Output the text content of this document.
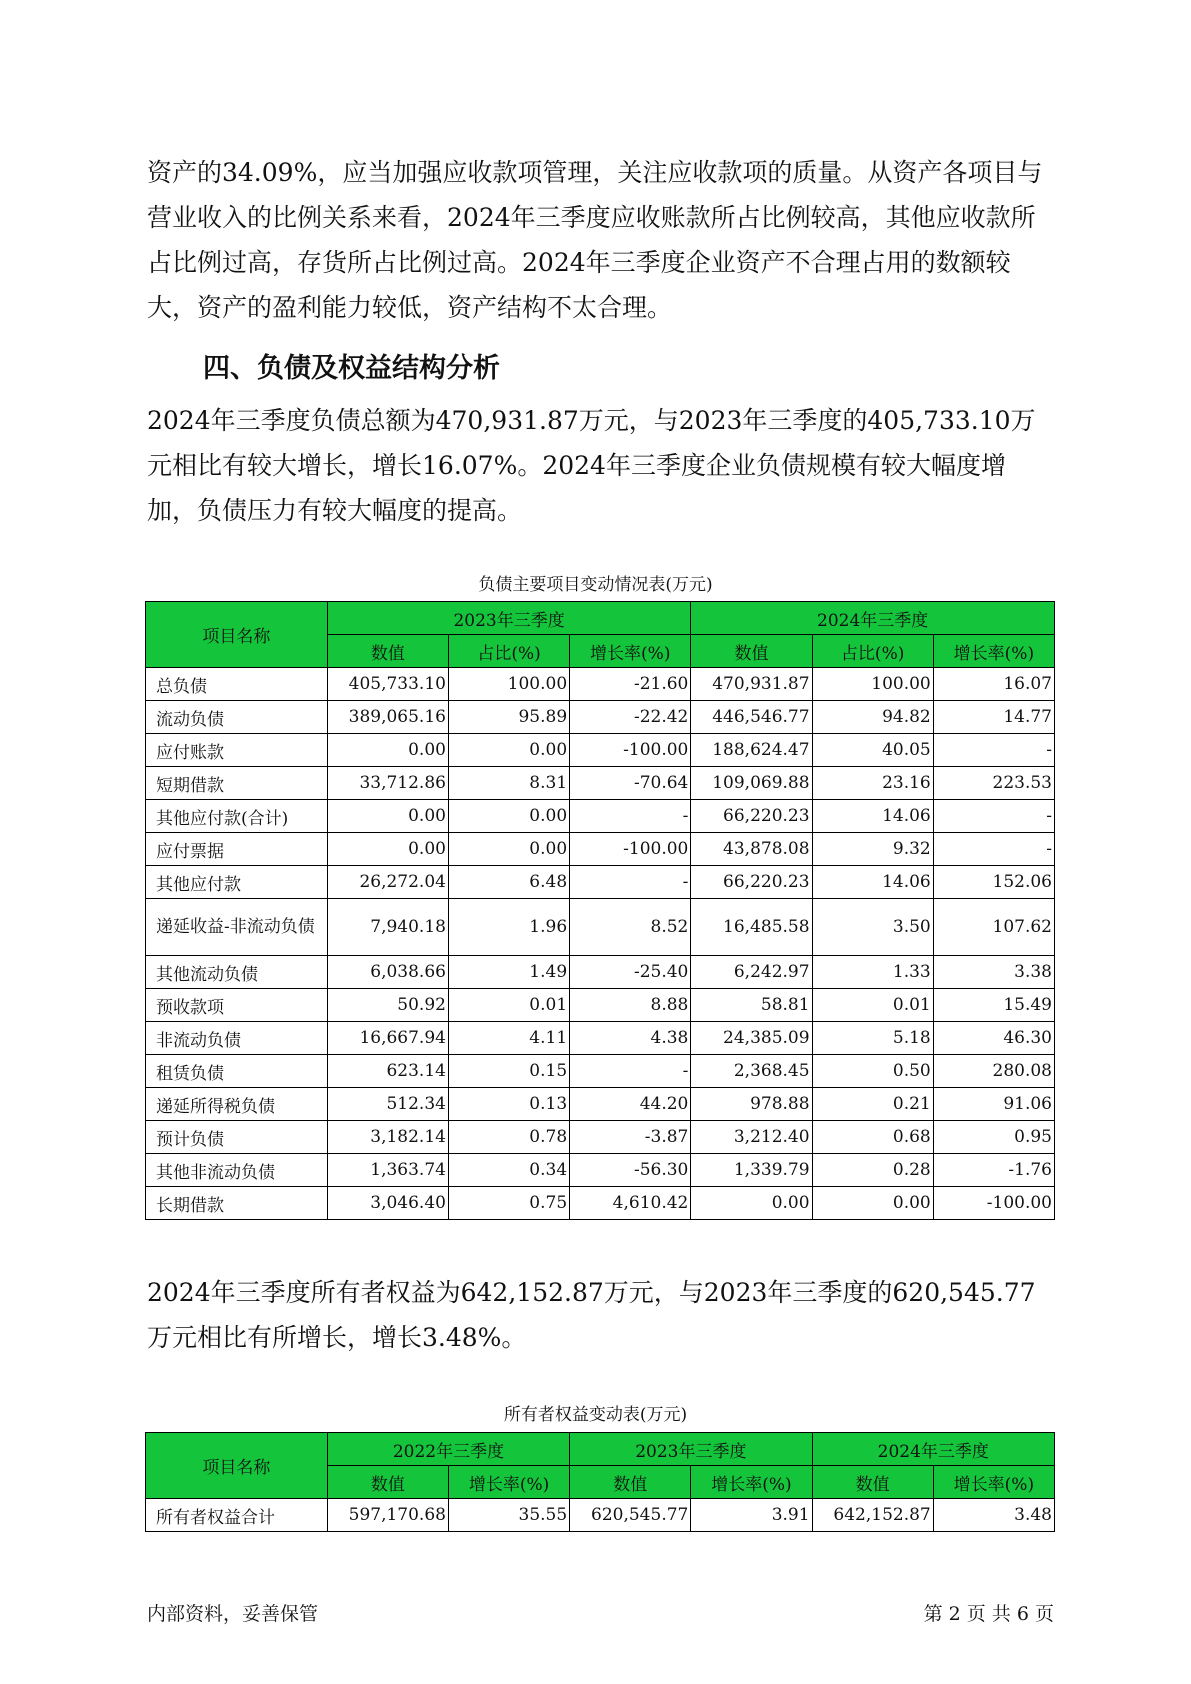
资产的34.09%，应当加强应收款项管理，关注应收款项的质量。从资产各项目与营业收入的比例关系来看，2024年三季度应收账款所占比例较高，其他应收款所占比例过高，存货所占比例过高。2024年三季度企业资产不合理占用的数额较大，资产的盈利能力较低，资产结构不太合理。

四、负债及权益结构分析

2024年三季度负债总额为470,931.87万元，与2023年三季度的405,733.10万元相比有较大增长，增长16.07%。2024年三季度企业负债规模有较大幅度增加，负债压力有较大幅度的提高。

负债主要项目变动情况表(万元)

项目名称	2023年三季度			2024年三季度		
	数值	占比(%)	增长率(%)	数值	占比(%)	增长率(%)
总负债	405,733.10	100.00	-21.60	470,931.87	100.00	16.07
流动负债	389,065.16	95.89	-22.42	446,546.77	94.82	14.77
应付账款	0.00	0.00	-100.00	188,624.47	40.05	-
短期借款	33,712.86	8.31	-70.64	109,069.88	23.16	223.53
其他应付款(合计)	0.00	0.00	-	66,220.23	14.06	-
应付票据	0.00	0.00	-100.00	43,878.08	9.32	-
其他应付款	26,272.04	6.48	-	66,220.23	14.06	152.06
递延收益-非流动负债	7,940.18	1.96	8.52	16,485.58	3.50	107.62
其他流动负债	6,038.66	1.49	-25.40	6,242.97	1.33	3.38
预收款项	50.92	0.01	8.88	58.81	0.01	15.49
非流动负债	16,667.94	4.11	4.38	24,385.09	5.18	46.30
租赁负债	623.14	0.15	-	2,368.45	0.50	280.08
递延所得税负债	512.34	0.13	44.20	978.88	0.21	91.06
预计负债	3,182.14	0.78	-3.87	3,212.40	0.68	0.95
其他非流动负债	1,363.74	0.34	-56.30	1,339.79	0.28	-1.76
长期借款	3,046.40	0.75	4,610.42	0.00	0.00	-100.00

2024年三季度所有者权益为642,152.87万元，与2023年三季度的620,545.77万元相比有所增长，增长3.48%。

所有者权益变动表(万元)

项目名称	2022年三季度		2023年三季度		2024年三季度	
	数值	增长率(%)	数值	增长率(%)	数值	增长率(%)
所有者权益合计	597,170.68	35.55	620,545.77	3.91	642,152.87	3.48

内部资料，妥善保管	第 2 页 共 6 页
